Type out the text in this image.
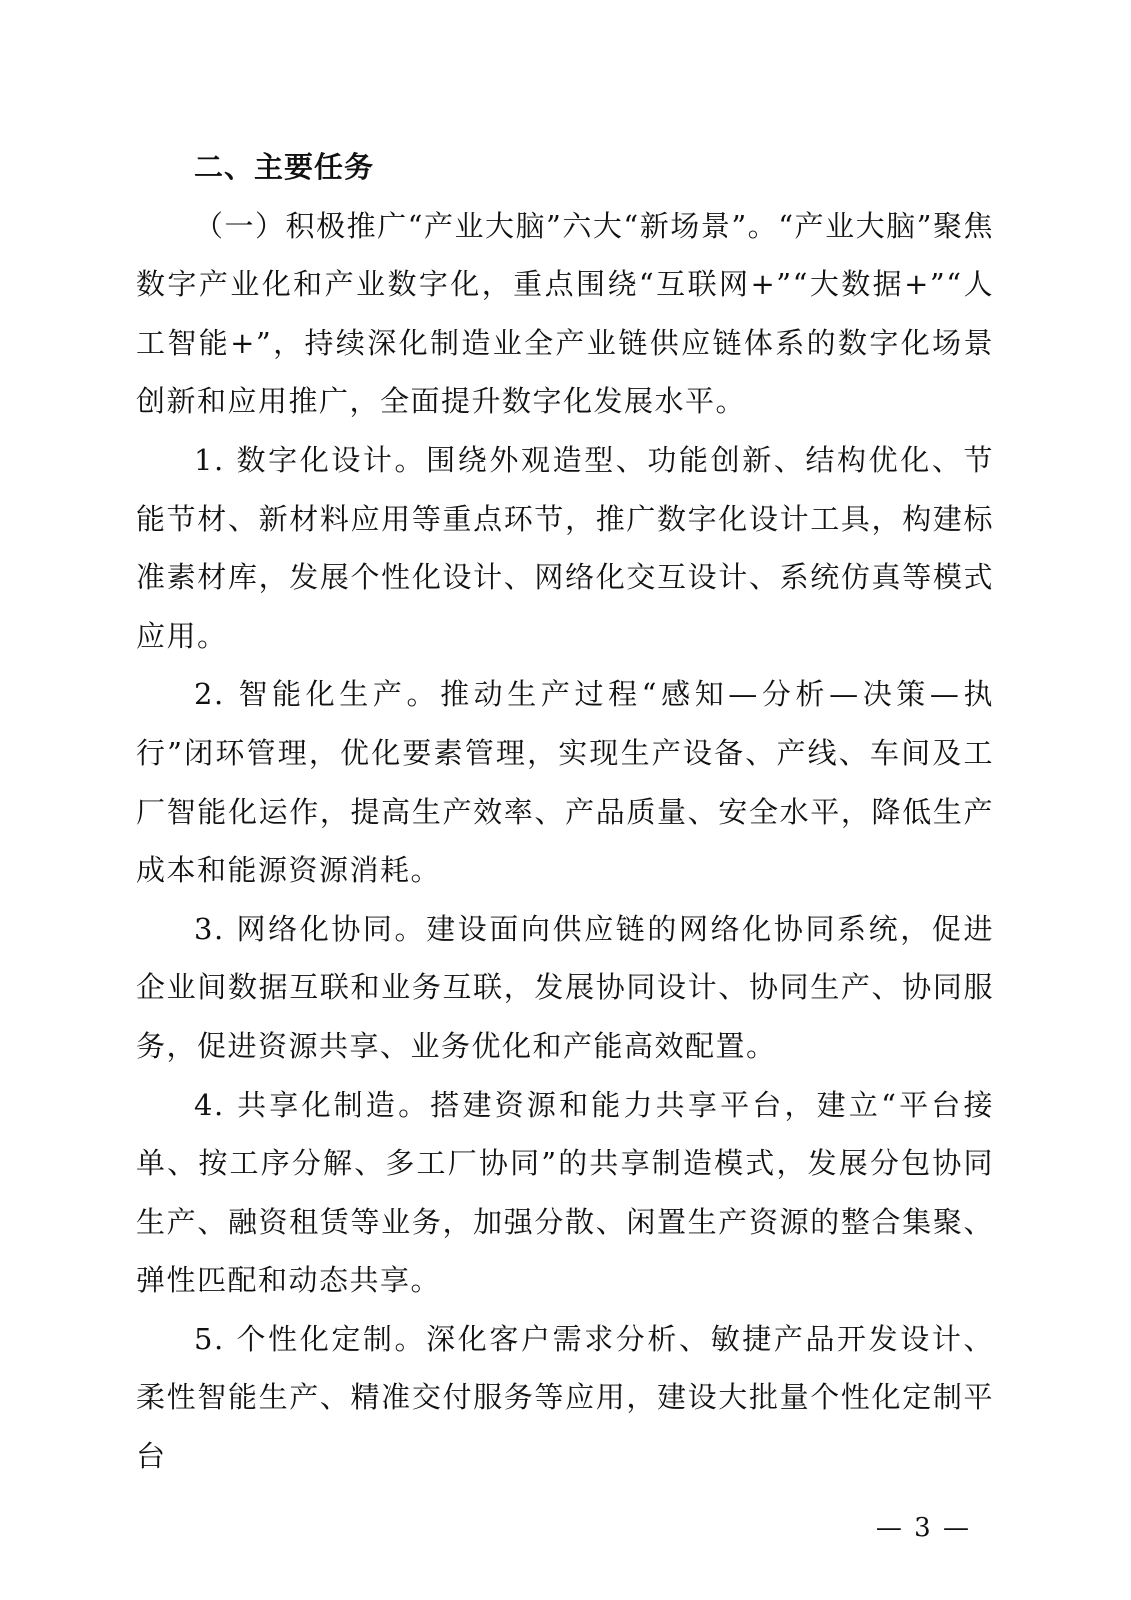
二、主要任务

（一）积极推广“产业大脑”六大“新场景”。“产业大脑”聚焦数字产业化和产业数字化，重点围绕“互联网+”“大数据+”“人工智能+”，持续深化制造业全产业链供应链体系的数字化场景创新和应用推广，全面提升数字化发展水平。

1. 数字化设计。围绕外观造型、功能创新、结构优化、节能节材、新材料应用等重点环节，推广数字化设计工具，构建标准素材库，发展个性化设计、网络化交互设计、系统仿真等模式应用。

2. 智能化生产。推动生产过程“感知—分析—决策—执行”闭环管理，优化要素管理，实现生产设备、产线、车间及工厂智能化运作，提高生产效率、产品质量、安全水平，降低生产成本和能源资源消耗。

3. 网络化协同。建设面向供应链的网络化协同系统，促进企业间数据互联和业务互联，发展协同设计、协同生产、协同服务，促进资源共享、业务优化和产能高效配置。

4. 共享化制造。搭建资源和能力共享平台，建立“平台接单、按工序分解、多工厂协同”的共享制造模式，发展分包协同生产、融资租赁等业务，加强分散、闲置生产资源的整合集聚、弹性匹配和动态共享。

5. 个性化定制。深化客户需求分析、敏捷产品开发设计、柔性智能生产、精准交付服务等应用，建设大批量个性化定制平台

— 3 —
